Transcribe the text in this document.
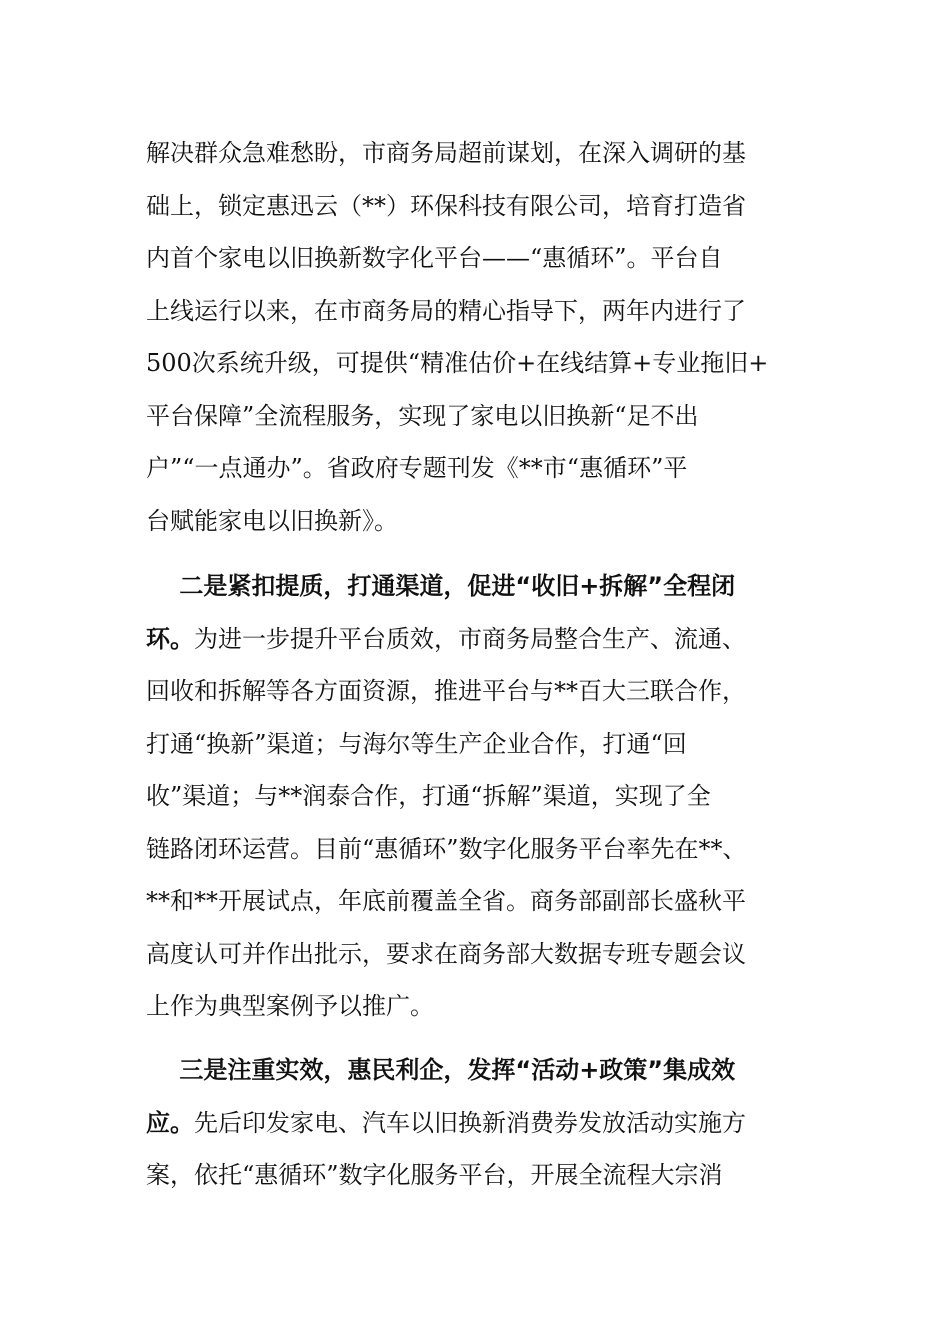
解决群众急难愁盼，市商务局超前谋划，在深入调研的基
础上，锁定惠迅云（**）环保科技有限公司，培育打造省
内首个家电以旧换新数字化平台——“惠循环”。平台自
上线运行以来，在市商务局的精心指导下，两年内进行了
500次系统升级，可提供“精准估价+在线结算+专业拖旧+
平台保障”全流程服务，实现了家电以旧换新“足不出
户”“一点通办”。省政府专题刊发《**市“惠循环”平
台赋能家电以旧换新》。
二是紧扣提质，打通渠道，促进“收旧+拆解”全程闭
环。为进一步提升平台质效，市商务局整合生产、流通、
回收和拆解等各方面资源，推进平台与**百大三联合作，
打通“换新”渠道；与海尔等生产企业合作，打通“回
收”渠道；与**润泰合作，打通“拆解”渠道，实现了全
链路闭环运营。目前“惠循环”数字化服务平台率先在**、
**和**开展试点，年底前覆盖全省。商务部副部长盛秋平
高度认可并作出批示，要求在商务部大数据专班专题会议
上作为典型案例予以推广。
三是注重实效，惠民利企，发挥“活动+政策”集成效
应。先后印发家电、汽车以旧换新消费券发放活动实施方
案，依托“惠循环”数字化服务平台，开展全流程大宗消
